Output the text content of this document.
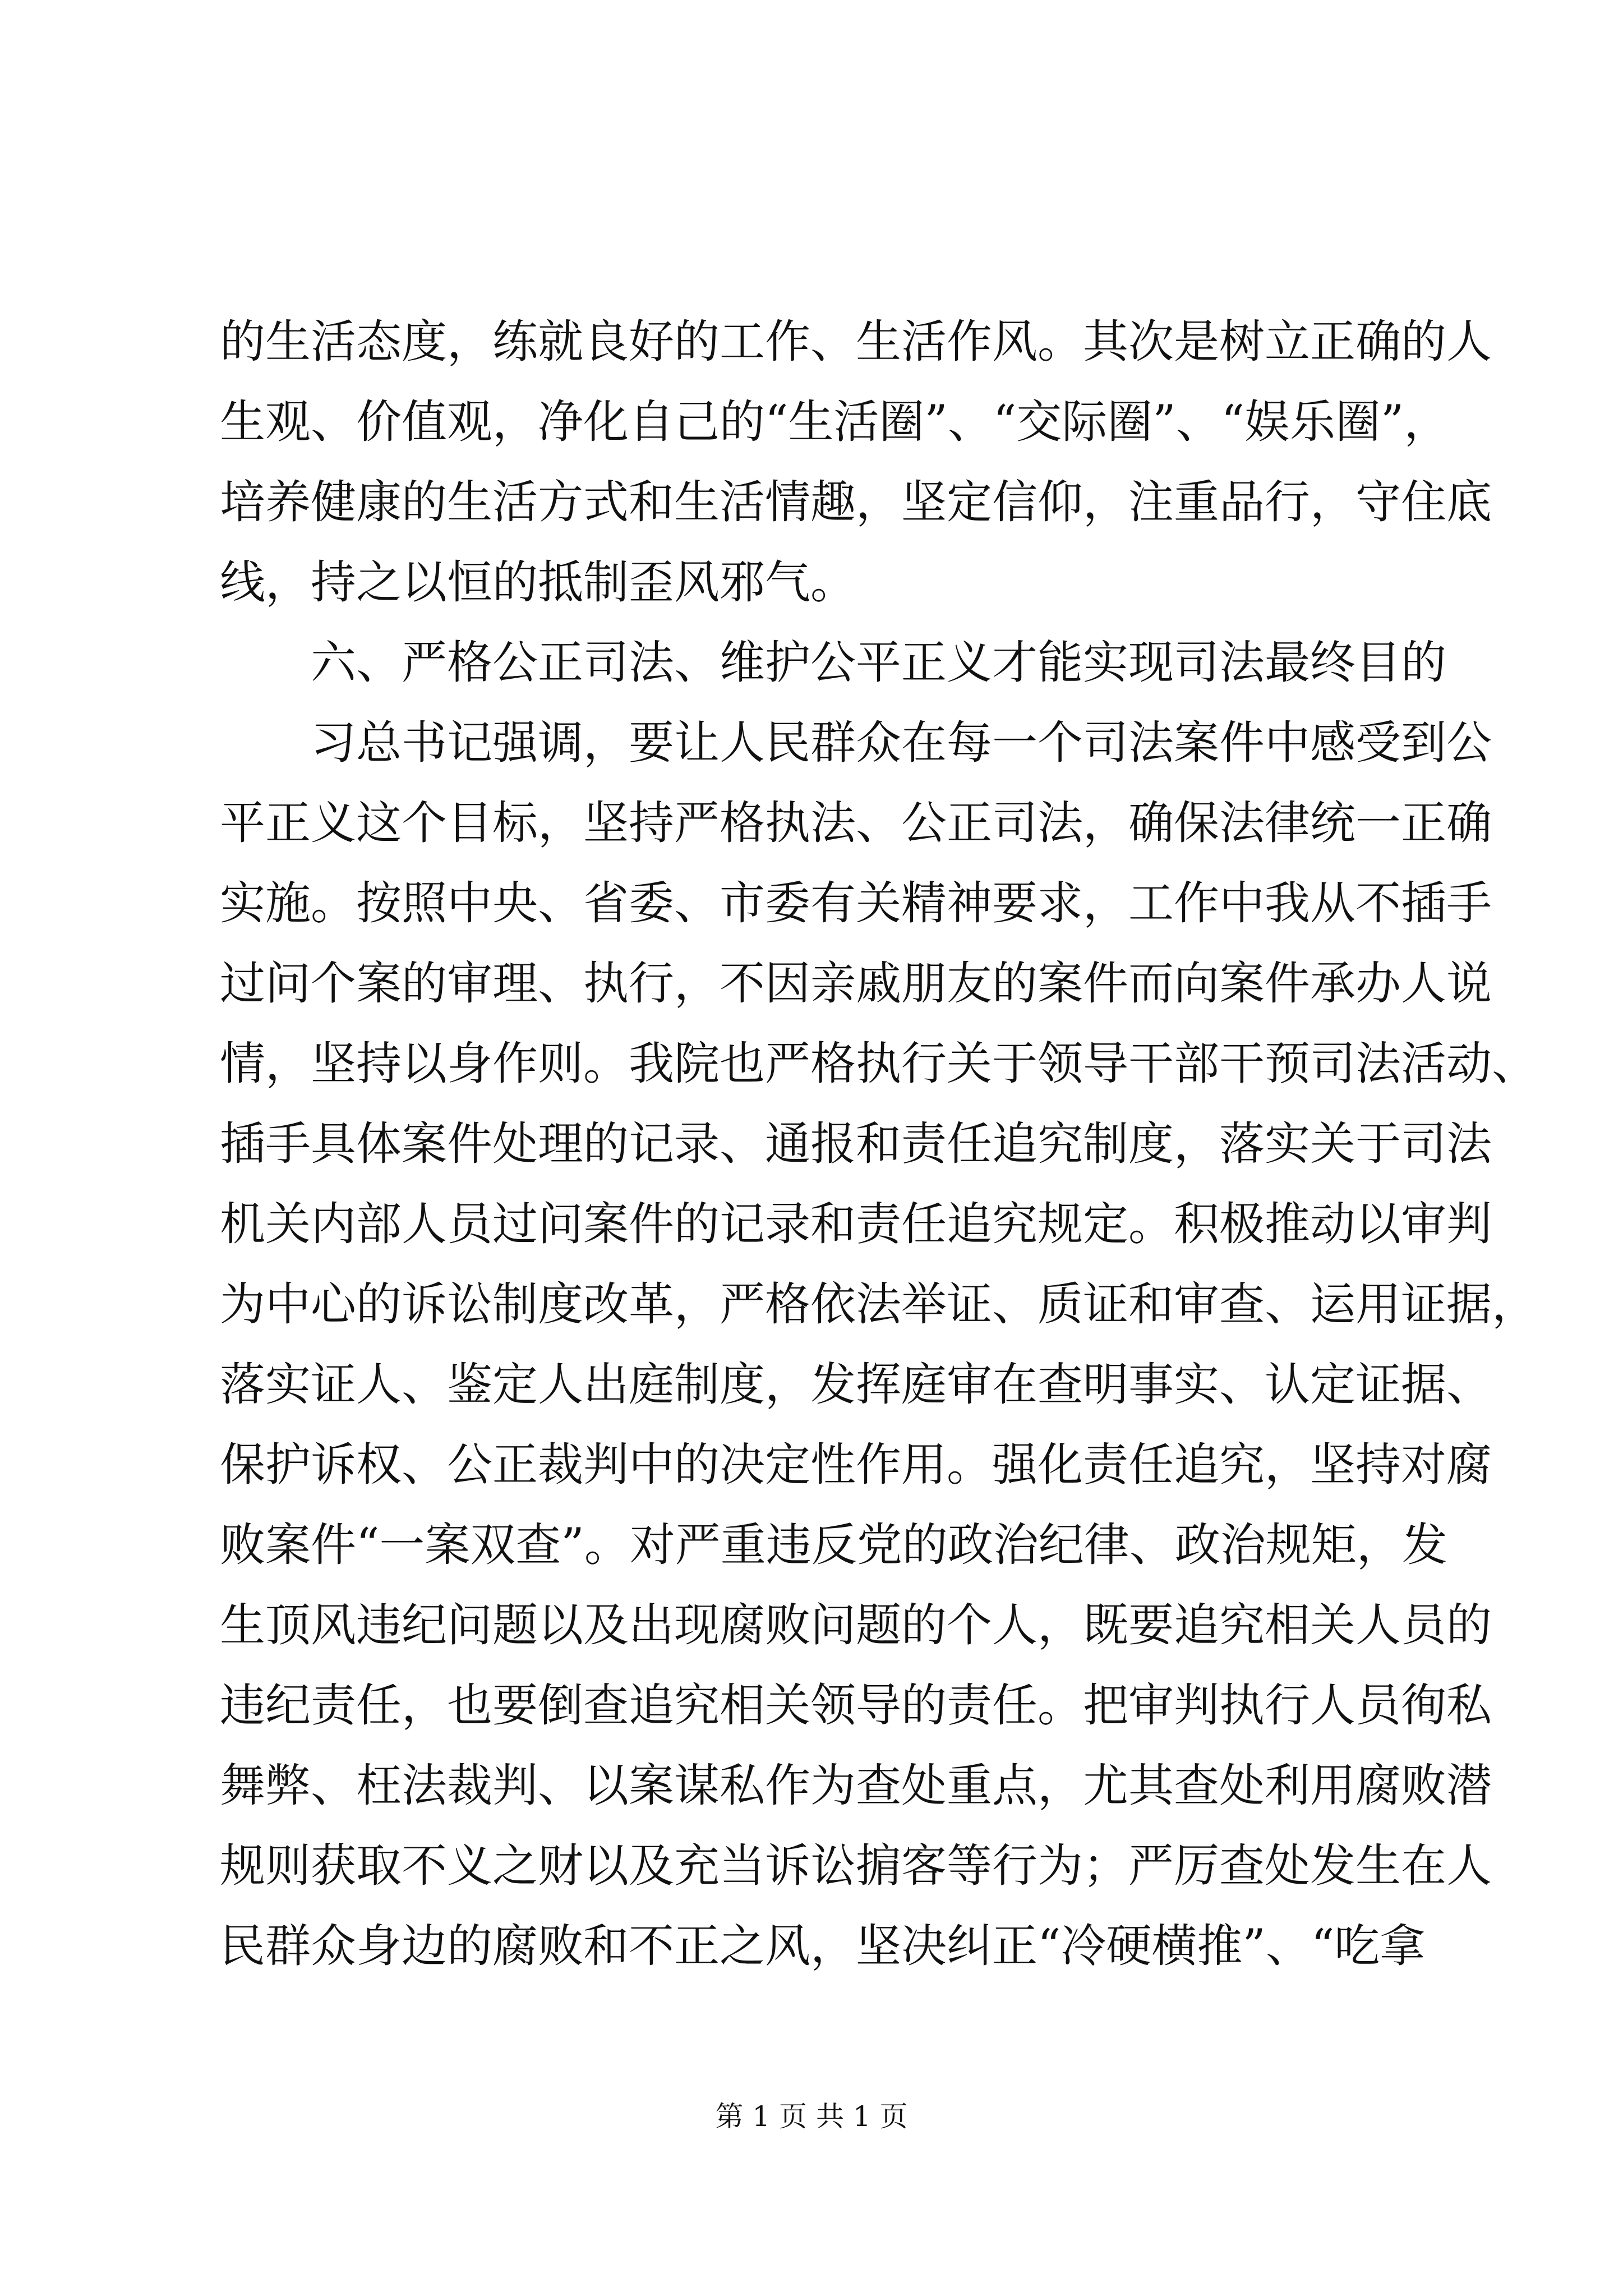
的生活态度，练就良好的工作、生活作风。其次是树立正确的人
生观、价值观，净化自己的“生活圈”、“交际圈”、“娱乐圈”，
培养健康的生活方式和生活情趣，坚定信仰，注重品行，守住底
线，持之以恒的抵制歪风邪气。
六、严格公正司法、维护公平正义才能实现司法最终目的
习总书记强调，要让人民群众在每一个司法案件中感受到公
平正义这个目标，坚持严格执法、公正司法，确保法律统一正确
实施。按照中央、省委、市委有关精神要求，工作中我从不插手
过问个案的审理、执行，不因亲戚朋友的案件而向案件承办人说
情，坚持以身作则。我院也严格执行关于领导干部干预司法活动、
插手具体案件处理的记录、通报和责任追究制度，落实关于司法
机关内部人员过问案件的记录和责任追究规定。积极推动以审判
为中心的诉讼制度改革，严格依法举证、质证和审查、运用证据，
落实证人、鉴定人出庭制度，发挥庭审在查明事实、认定证据、
保护诉权、公正裁判中的决定性作用。强化责任追究，坚持对腐
败案件“一案双查”。对严重违反党的政治纪律、政治规矩，发
生顶风违纪问题以及出现腐败问题的个人，既要追究相关人员的
违纪责任，也要倒查追究相关领导的责任。把审判执行人员徇私
舞弊、枉法裁判、以案谋私作为查处重点，尤其查处利用腐败潜
规则获取不义之财以及充当诉讼掮客等行为；严厉查处发生在人
民群众身边的腐败和不正之风，坚决纠正“冷硬横推”、“吃拿
第 1 页 共 1 页
